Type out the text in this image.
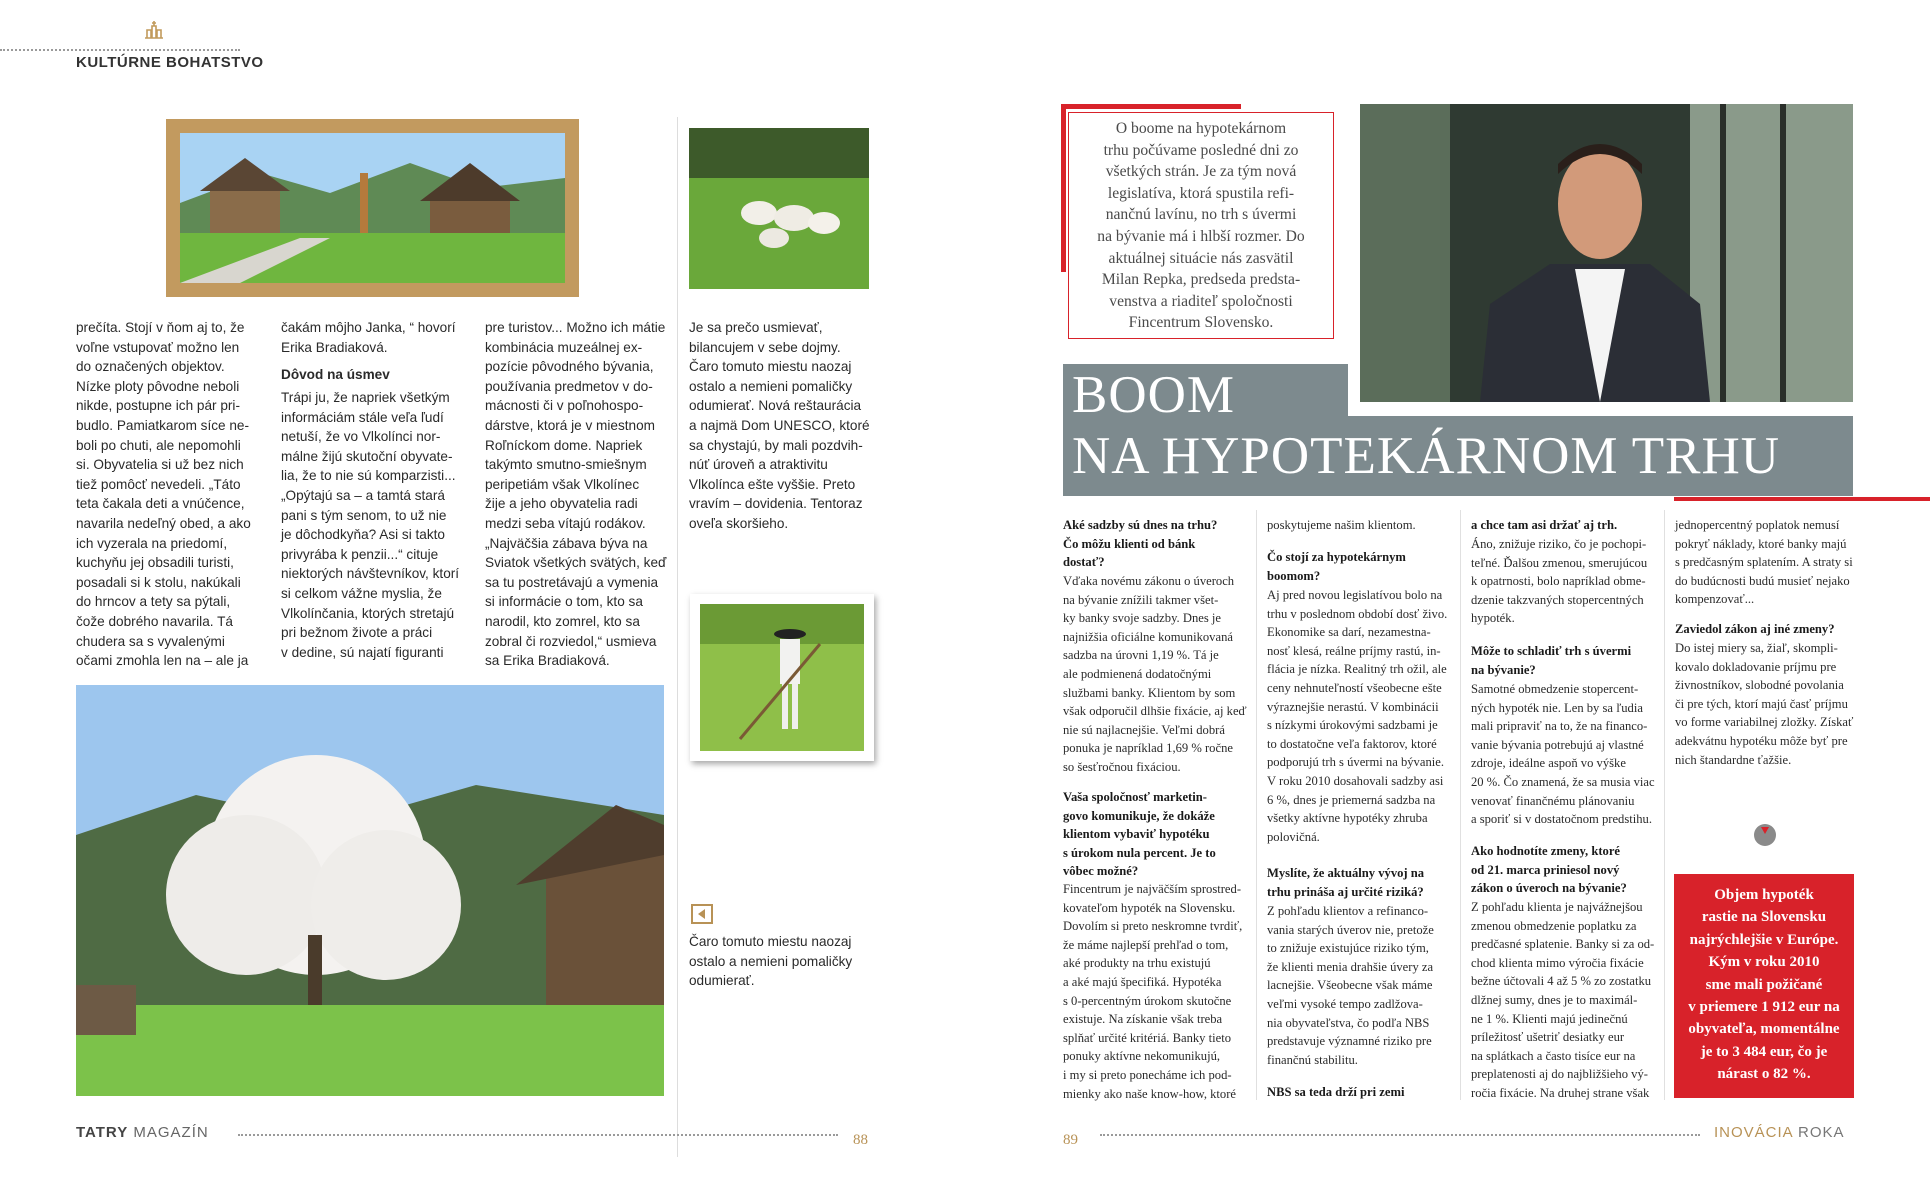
KULTÚRNE BOHATSTVO
prečíta. Stojí v ňom aj to, že
voľne vstupovať možno len
do označených objektov.
Nízke ploty pôvodne neboli
nikde, postupne ich pár pri-
budlo. Pamiatkarom síce ne-
boli po chuti, ale nepomohli
si. Obyvatelia si už bez nich
tiež pomôcť nevedeli. „Táto
teta čakala deti a vnúčence,
navarila nedeľný obed, a ako
ich vyzerala na priedomí,
kuchyňu jej obsadili turisti,
posadali si k stolu, nakúkali
do hrncov a tety sa pýtali,
čože dobrého navarila. Tá
chudera sa s vyvalenými
očami zmohla len na – ale ja
čakám môjho Janka, “ hovorí
Erika Bradiaková.
Dôvod na úsmev
Trápi ju, že napriek všetkým
informáciám stále veľa ľudí
netuší, že vo Vlkolínci nor-
málne žijú skutoční obyvate-
lia, že to nie sú komparzisti...
„Opýtajú sa – a tamtá stará
pani s tým senom, to už nie
je dôchodkyňa? Asi si takto
privyrába k penzii...“ cituje
niektorých návštevníkov, ktorí
si celkom vážne myslia, že
Vlkolínčania, ktorých stretajú
pri bežnom živote a práci
v dedine, sú najatí figuranti
pre turistov... Možno ich mátie
kombinácia muzeálnej ex-
pozície pôvodného bývania,
používania predmetov v do-
mácnosti či v poľnohospo-
dárstve, ktorá je v miestnom
Roľníckom dome. Napriek
takýmto smutno-smiešnym
peripetiám však Vlkolínec
žije a jeho obyvatelia radi
medzi seba vítajú rodákov.
„Najväčšia zábava býva na
Sviatok všetkých svätých, keď
sa tu postretávajú a vymenia
si informácie o tom, kto sa
narodil, kto zomrel, kto sa
zobral či rozviedol,“ usmieva
sa Erika Bradiaková.
Je sa prečo usmievať,
bilancujem v sebe dojmy.
Čaro tomuto miestu naozaj
ostalo a nemieni pomaličky
odumierať. Nová reštaurácia
a najmä Dom UNESCO, ktoré
sa chystajú, by mali pozdvih-
núť úroveň a atraktivitu
Vlkolínca ešte vyššie. Preto
vravím – dovidenia. Tentoraz
oveľa skoršieho.
Čaro tomuto miestu naozaj
ostalo a nemieni pomaličky
odumierať.
TATRY MAGAZÍN	88
O boome na hypotekárnom
trhu počúvame posledné dni zo
všetkých strán. Je za tým nová
legislatíva, ktorá spustila refi-
nančnú lavínu, no trh s úvermi
na bývanie má i hlbší rozmer. Do
aktuálnej situácie nás zasvätil
Milan Repka, predseda predsta-
venstva a riaditeľ spoločnosti
Fincentrum Slovensko.
BOOM
NA HYPOTEKÁRNOM TRHU
Aké sadzby sú dnes na trhu?
Čo môžu klienti od bánk
dostať?
Vďaka novému zákonu o úveroch
na bývanie znížili takmer všet-
ky banky svoje sadzby. Dnes je
najnižšia oficiálne komunikovaná
sadzba na úrovni 1,19 %. Tá je
ale podmienená dodatočnými
službami banky. Klientom by som
však odporučil dlhšie fixácie, aj keď
nie sú najlacnejšie. Veľmi dobrá
ponuka je napríklad 1,69 % ročne
so šesťročnou fixáciou.
Vaša spoločnosť marketin-
govo komunikuje, že dokáže
klientom vybaviť hypotéku
s úrokom nula percent. Je to
vôbec možné?
Fincentrum je najväčším sprostred-
kovateľom hypoték na Slovensku.
Dovolím si preto neskromne tvrdiť,
že máme najlepší prehľad o tom,
aké produkty na trhu existujú
a aké majú špecifiká. Hypotéka
s 0-percentným úrokom skutočne
existuje. Na získanie však treba
splňať určité kritériá. Banky tieto
ponuky aktívne nekomunikujú,
i my si preto ponecháme ich pod-
mienky ako naše know-how, ktoré
poskytujeme našim klientom.
Čo stojí za hypotekárnym
boomom?
Aj pred novou legislatívou bolo na
trhu v poslednom období dosť živo.
Ekonomike sa darí, nezamestna-
nosť klesá, reálne príjmy rastú, in-
flácia je nízka. Realitný trh ožil, ale
ceny nehnuteľností všeobecne ešte
výraznejšie nerastú. V kombinácii
s nízkymi úrokovými sadzbami je
to dostatočne veľa faktorov, ktoré
podporujú trh s úvermi na bývanie.
V roku 2010 dosahovali sadzby asi
6 %, dnes je priemerná sadzba na
všetky aktívne hypotéky zhruba
polovičná.
Myslíte, že aktuálny vývoj na
trhu prináša aj určité riziká?
Z pohľadu klientov a refinanco-
vania starých úverov nie, pretože
to znižuje existujúce riziko tým,
že klienti menia drahšie úvery za
lacnejšie. Všeobecne však máme
veľmi vysoké tempo zadlžova-
nia obyvateľstva, čo podľa NBS
predstavuje významné riziko pre
finančnú stabilitu.
NBS sa teda drží pri zemi
a chce tam asi držať aj trh.
Áno, znižuje riziko, čo je pochopi-
teľné. Ďalšou zmenou, smerujúcou
k opatrnosti, bolo napríklad obme-
dzenie takzvaných stopercentných
hypoték.
Môže to schladiť trh s úvermi
na bývanie?
Samotné obmedzenie stopercent-
ných hypoték nie. Len by sa ľudia
mali pripraviť na to, že na financo-
vanie bývania potrebujú aj vlastné
zdroje, ideálne aspoň vo výške
20 %. Čo znamená, že sa musia viac
venovať finančnému plánovaniu
a sporiť si v dostatočnom predstihu.
Ako hodnotíte zmeny, ktoré
od 21. marca priniesol nový
zákon o úveroch na bývanie?
Z pohľadu klienta je najvážnejšou
zmenou obmedzenie poplatku za
predčasné splatenie. Banky si za od-
chod klienta mimo výročia fixácie
bežne účtovali 4 až 5 % zo zostatku
dlžnej sumy, dnes je to maximál-
ne 1 %. Klienti majú jedinečnú
príležitosť ušetriť desiatky eur
na splátkach a často tisíce eur na
preplatenosti aj do najbližšieho vý-
ročia fixácie. Na druhej strane však
jednopercentný poplatok nemusí
pokryť náklady, ktoré banky majú
s predčasným splatením. A straty si
do budúcnosti budú musieť nejako
kompenzovať...
Zaviedol zákon aj iné zmeny?
Do istej miery sa, žiaľ, skompli-
kovalo dokladovanie príjmu pre
živnostníkov, slobodné povolania
či pre tých, ktorí majú časť príjmu
vo forme variabilnej zložky. Získať
adekvátnu hypotéku môže byť pre
nich štandardne ťažšie.
Objem hypoték
rastie na Slovensku
najrýchlejšie v Európe.
Kým v roku 2010
sme mali požičané
v priemere 1 912 eur na
obyvateľa, momentálne
je to 3 484 eur, čo je
nárast o 82 %.
89	INOVÁCIA ROKA
